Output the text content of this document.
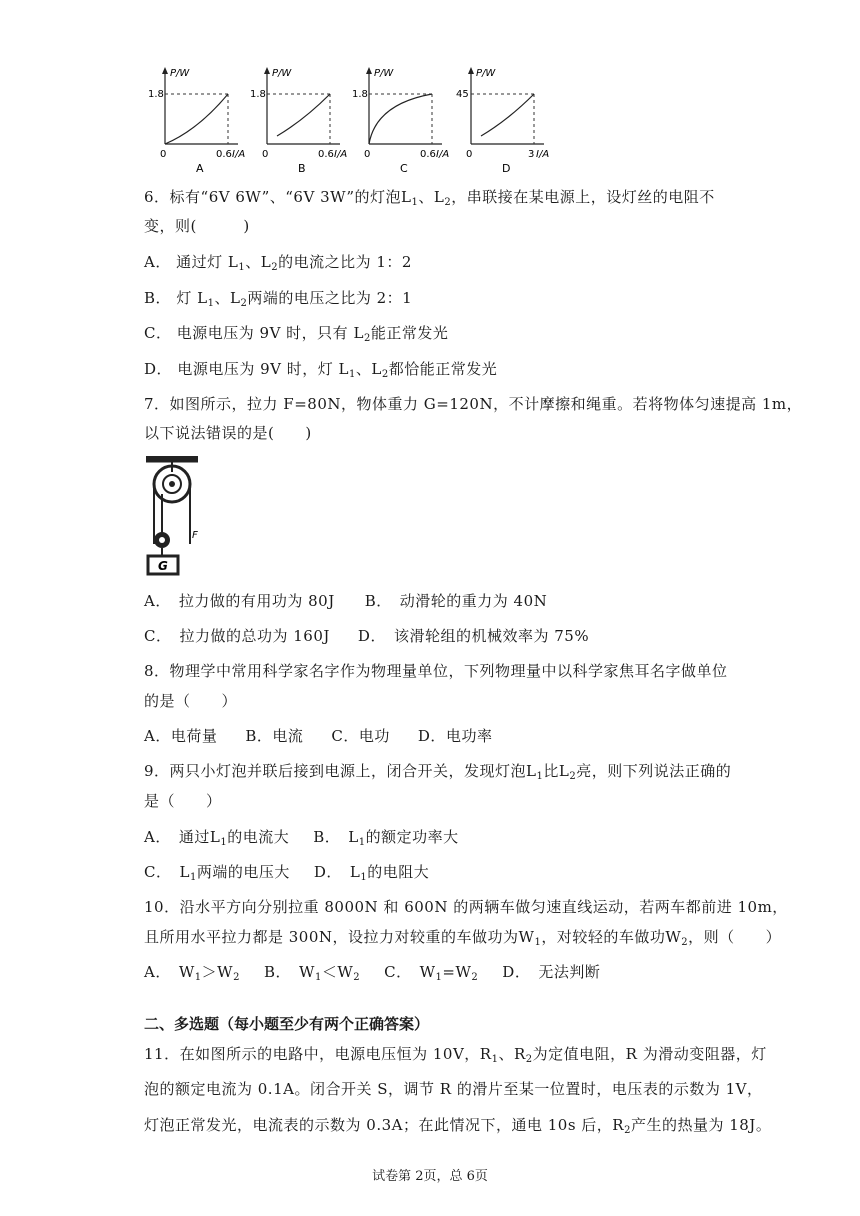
P/W
1.8
0	0.6 I/A
A
P/W
1.8
0	0.6 I/A
B
P/W
1.8
0	0.6 I/A
C
P/W
45
0	3 I/A
D
6．标有“6V 6W”、“6V 3W”的灯泡$L_1$、$L_2$，串联接在某电源上，设灯丝的电阻不
变，则(　　　)
A． 通过灯 $L_1$、$L_2$的电流之比为 1：2
B． 灯 $L_1$、$L_2$两端的电压之比为 2：1
C． 电源电压为 9V 时，只有 $L_2$能正常发光
D． 电源电压为 9V 时，灯 $L_1$、$L_2$都恰能正常发光
7．如图所示，拉力 F=80N，物体重力 G=120N，不计摩擦和绳重。若将物体匀速提高 1m，
以下说法错误的是(　　)
G
F
A．　 拉力做的有用功为 80J B．　 动滑轮的重力为 40N
C．　 拉力做的总功为 160J D．　 该滑轮组的机械效率为 75%
8．物理学中常用科学家名字作为物理量单位，下列物理量中以科学家焦耳名字做单位
的是（　　）
A．电荷量 B．电流 C．电功 D．电功率
9．两只小灯泡并联后接到电源上，闭合开关，发现灯泡$L_1$比$L_2$亮，则下列说法正确的
是（　　）
A．　 通过$L_1$的电流大 B．　 $L_1$的额定功率大
C．　 $L_1$两端的电压大 D．　 $L_1$的电阻大
10．沿水平方向分别拉重 8000N 和 600N 的两辆车做匀速直线运动，若两车都前进 10m，
且所用水平拉力都是 300N，设拉力对较重的车做功为$W_1$，对较轻的车做功$W_2$，则（　　）
A．　 $W_1>W_2$ B．　 $W_1<W_2$ C．　 $W_1=W_2$ D．　 无法判断
二、多选题（每小题至少有两个正确答案）
11．在如图所示的电路中，电源电压恒为 10V，$R_1$、$R_2$为定值电阻，R 为滑动变阻器，灯
泡的额定电流为 0.1A。闭合开关 S，调节 R 的滑片至某一位置时，电压表的示数为 1V，
灯泡正常发光，电流表的示数为 0.3A；在此情况下，通电 10s 后，$R_2$产生的热量为 18J。
试卷第 2页，总 6页
